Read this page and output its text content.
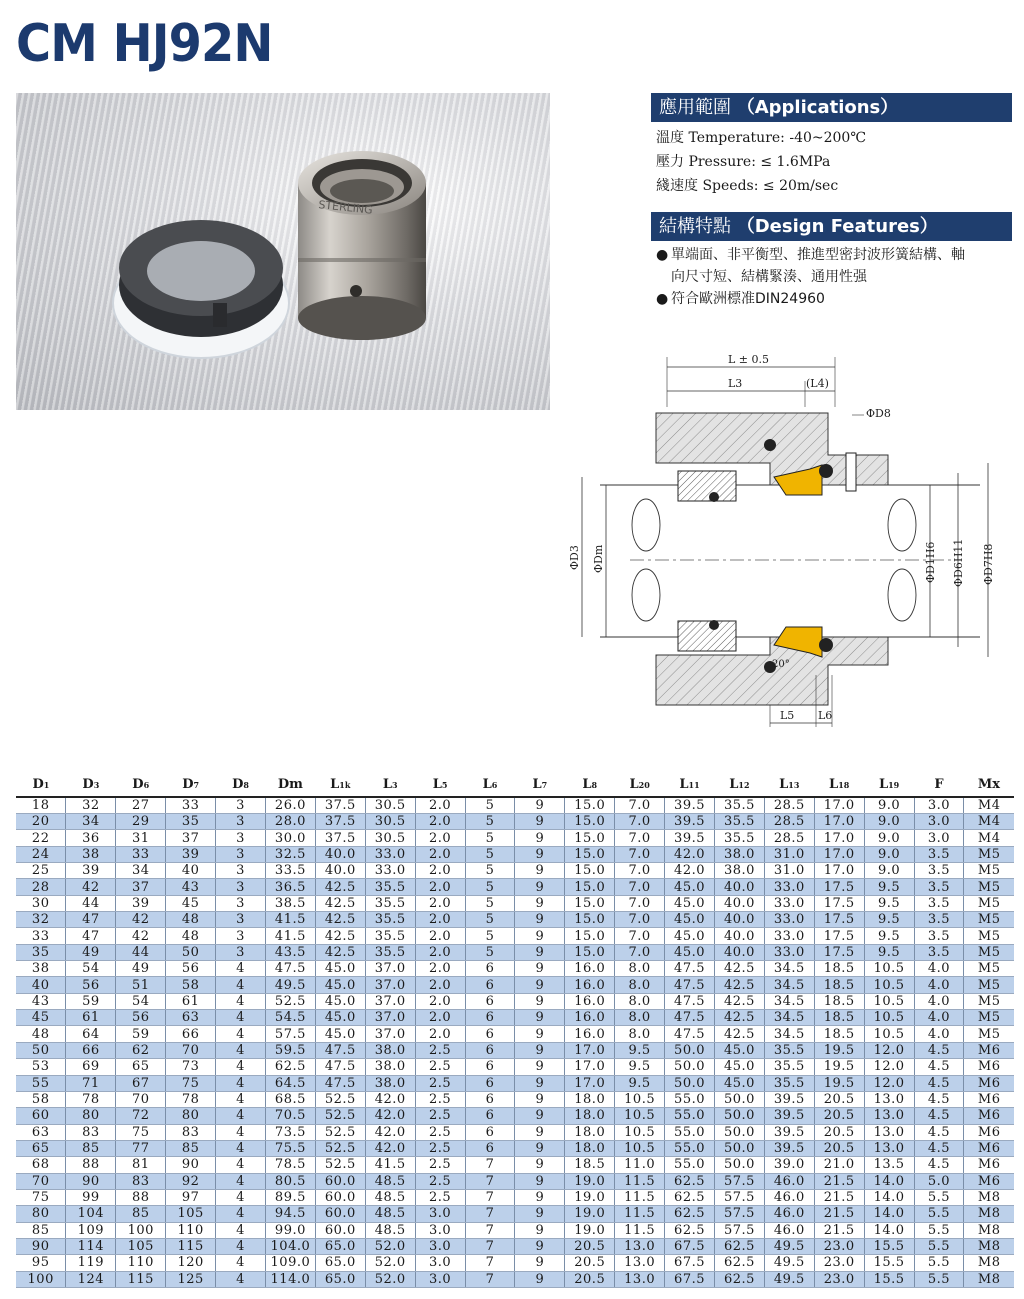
CM HJ92N
STERLING
應用範圍 （Applications）
溫度 Temperature: -40~200℃
壓力 Pressure: ≤ 1.6MPa
綫速度 Speeds: ≤ 20m/sec
結構特點 （Design Features）
● 單端面、非平衡型、推進型密封波形簧結構、軸
向尺寸短、結構緊湊、通用性强
● 符合歐洲標准DIN24960
L ± 0.5
L3	(L4)
ΦD8
ΦD3 ΦDm	ΦD1H6 ΦD6H11 ΦD7H8
20°
L5 L6
D1	D3	D6	D7	D8	Dm	L1k	L3	L5	L6	L7	L8	L20	L11	L12	L13	L18	L19	F	Mx
18	32	27	33	3	26.0	37.5	30.5	2.0	5	9	15.0	7.0	39.5	35.5	28.5	17.0	9.0	3.0	M4
20	34	29	35	3	28.0	37.5	30.5	2.0	5	9	15.0	7.0	39.5	35.5	28.5	17.0	9.0	3.0	M4
22	36	31	37	3	30.0	37.5	30.5	2.0	5	9	15.0	7.0	39.5	35.5	28.5	17.0	9.0	3.0	M4
24	38	33	39	3	32.5	40.0	33.0	2.0	5	9	15.0	7.0	42.0	38.0	31.0	17.0	9.0	3.5	M5
25	39	34	40	3	33.5	40.0	33.0	2.0	5	9	15.0	7.0	42.0	38.0	31.0	17.0	9.0	3.5	M5
28	42	37	43	3	36.5	42.5	35.5	2.0	5	9	15.0	7.0	45.0	40.0	33.0	17.5	9.5	3.5	M5
30	44	39	45	3	38.5	42.5	35.5	2.0	5	9	15.0	7.0	45.0	40.0	33.0	17.5	9.5	3.5	M5
32	47	42	48	3	41.5	42.5	35.5	2.0	5	9	15.0	7.0	45.0	40.0	33.0	17.5	9.5	3.5	M5
33	47	42	48	3	41.5	42.5	35.5	2.0	5	9	15.0	7.0	45.0	40.0	33.0	17.5	9.5	3.5	M5
35	49	44	50	3	43.5	42.5	35.5	2.0	5	9	15.0	7.0	45.0	40.0	33.0	17.5	9.5	3.5	M5
38	54	49	56	4	47.5	45.0	37.0	2.0	6	9	16.0	8.0	47.5	42.5	34.5	18.5	10.5	4.0	M5
40	56	51	58	4	49.5	45.0	37.0	2.0	6	9	16.0	8.0	47.5	42.5	34.5	18.5	10.5	4.0	M5
43	59	54	61	4	52.5	45.0	37.0	2.0	6	9	16.0	8.0	47.5	42.5	34.5	18.5	10.5	4.0	M5
45	61	56	63	4	54.5	45.0	37.0	2.0	6	9	16.0	8.0	47.5	42.5	34.5	18.5	10.5	4.0	M5
48	64	59	66	4	57.5	45.0	37.0	2.0	6	9	16.0	8.0	47.5	42.5	34.5	18.5	10.5	4.0	M5
50	66	62	70	4	59.5	47.5	38.0	2.5	6	9	17.0	9.5	50.0	45.0	35.5	19.5	12.0	4.5	M6
53	69	65	73	4	62.5	47.5	38.0	2.5	6	9	17.0	9.5	50.0	45.0	35.5	19.5	12.0	4.5	M6
55	71	67	75	4	64.5	47.5	38.0	2.5	6	9	17.0	9.5	50.0	45.0	35.5	19.5	12.0	4.5	M6
58	78	70	78	4	68.5	52.5	42.0	2.5	6	9	18.0	10.5	55.0	50.0	39.5	20.5	13.0	4.5	M6
60	80	72	80	4	70.5	52.5	42.0	2.5	6	9	18.0	10.5	55.0	50.0	39.5	20.5	13.0	4.5	M6
63	83	75	83	4	73.5	52.5	42.0	2.5	6	9	18.0	10.5	55.0	50.0	39.5	20.5	13.0	4.5	M6
65	85	77	85	4	75.5	52.5	42.0	2.5	6	9	18.0	10.5	55.0	50.0	39.5	20.5	13.0	4.5	M6
68	88	81	90	4	78.5	52.5	41.5	2.5	7	9	18.5	11.0	55.0	50.0	39.0	21.0	13.5	4.5	M6
70	90	83	92	4	80.5	60.0	48.5	2.5	7	9	19.0	11.5	62.5	57.5	46.0	21.5	14.0	5.0	M6
75	99	88	97	4	89.5	60.0	48.5	2.5	7	9	19.0	11.5	62.5	57.5	46.0	21.5	14.0	5.5	M8
80	104	85	105	4	94.5	60.0	48.5	3.0	7	9	19.0	11.5	62.5	57.5	46.0	21.5	14.0	5.5	M8
85	109	100	110	4	99.0	60.0	48.5	3.0	7	9	19.0	11.5	62.5	57.5	46.0	21.5	14.0	5.5	M8
90	114	105	115	4	104.0	65.0	52.0	3.0	7	9	20.5	13.0	67.5	62.5	49.5	23.0	15.5	5.5	M8
95	119	110	120	4	109.0	65.0	52.0	3.0	7	9	20.5	13.0	67.5	62.5	49.5	23.0	15.5	5.5	M8
100	124	115	125	4	114.0	65.0	52.0	3.0	7	9	20.5	13.0	67.5	62.5	49.5	23.0	15.5	5.5	M8
